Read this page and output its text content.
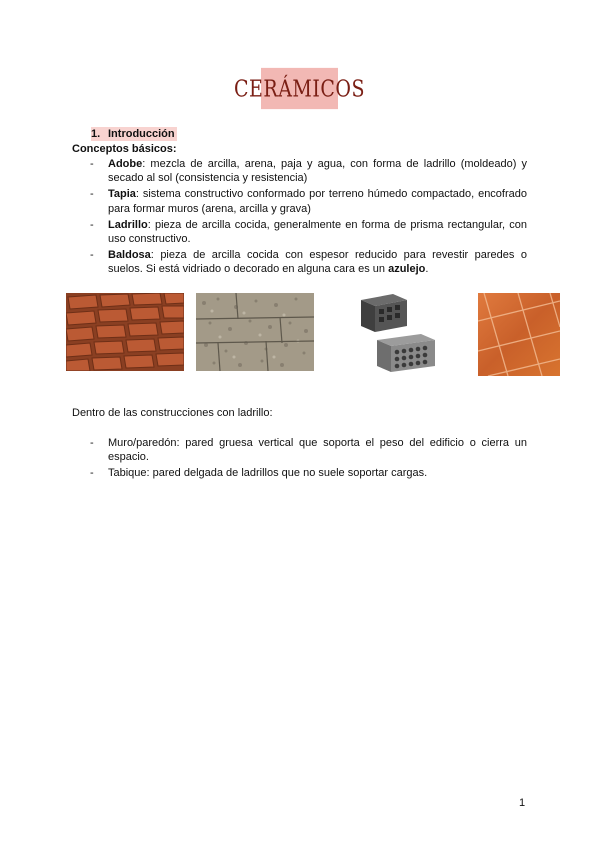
CERÁMICOS
1. Introducción
Conceptos básicos:
- Adobe: mezcla de arcilla, arena, paja y agua, con forma de ladrillo (moldeado) y secado al sol (consistencia y resistencia)
- Tapia: sistema constructivo conformado por terreno húmedo compactado, encofrado para formar muros (arena, arcilla y grava)
- Ladrillo: pieza de arcilla cocida, generalmente en forma de prisma rectangular, con uso constructivo.
- Baldosa: pieza de arcilla cocida con espesor reducido para revestir paredes o suelos. Si está vidriado o decorado en alguna cara es un azulejo.
Dentro de las construcciones con ladrillo:
- Muro/paredón: pared gruesa vertical que soporta el peso del edificio o cierra un espacio.
- Tabique: pared delgada de ladrillos que no suele soportar cargas.
1
